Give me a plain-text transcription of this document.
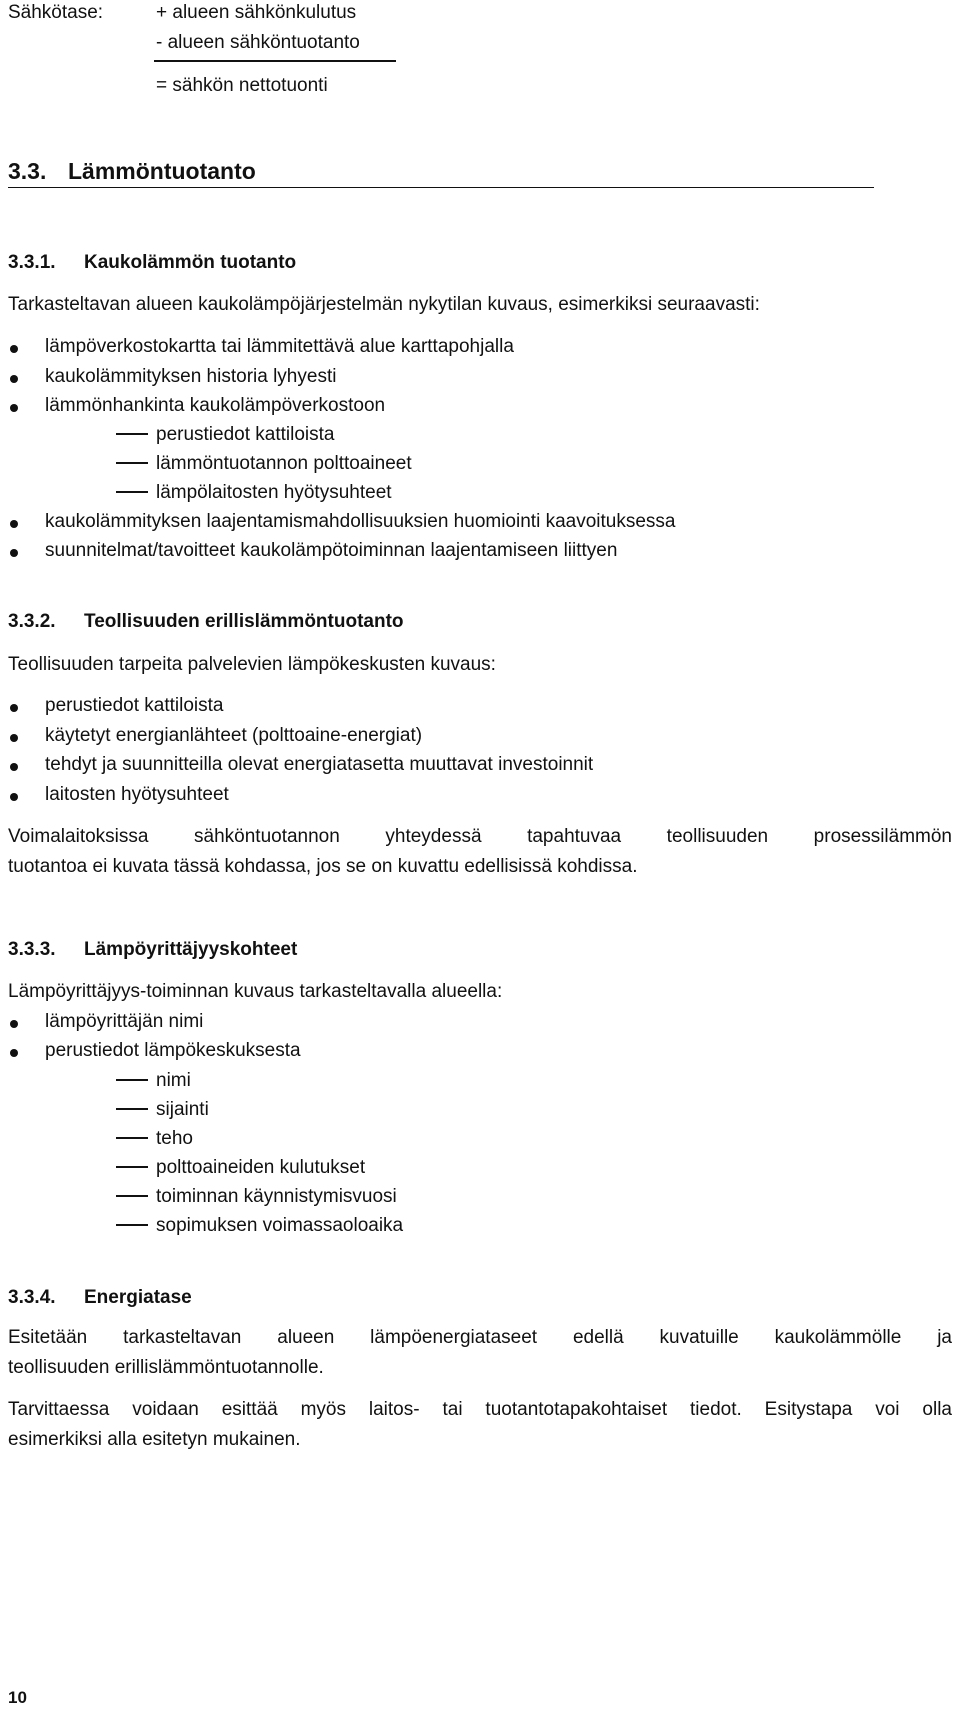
Sähkötase:	+ alueen sähkönkulutus
- alueen sähköntuotanto
= sähkön nettotuonti
3.3. Lämmöntuotanto
3.3.1. Kaukolämmön tuotanto
Tarkasteltavan alueen kaukolämpöjärjestelmän nykytilan kuvaus, esimerkiksi seuraavasti:
lämpöverkostokartta tai lämmitettävä alue karttapohjalla
kaukolämmityksen historia lyhyesti
lämmönhankinta kaukolämpöverkostoon
perustiedot kattiloista
lämmöntuotannon polttoaineet
lämpölaitosten hyötysuhteet
kaukolämmityksen laajentamismahdollisuuksien huomiointi kaavoituksessa
suunnitelmat/tavoitteet kaukolämpötoiminnan laajentamiseen liittyen
3.3.2. Teollisuuden erillislämmöntuotanto
Teollisuuden tarpeita palvelevien lämpökeskusten kuvaus:
perustiedot kattiloista
käytetyt energianlähteet (polttoaine-energiat)
tehdyt ja suunnitteilla olevat energiatasetta muuttavat investoinnit
laitosten hyötysuhteet
Voimalaitoksissa sähköntuotannon yhteydessä tapahtuvaa teollisuuden prosessilämmön
tuotantoa ei kuvata tässä kohdassa, jos se on kuvattu edellisissä kohdissa.
3.3.3. Lämpöyrittäjyyskohteet
Lämpöyrittäjyys-toiminnan kuvaus tarkasteltavalla alueella:
lämpöyrittäjän nimi
perustiedot lämpökeskuksesta
nimi
sijainti
teho
polttoaineiden kulutukset
toiminnan käynnistymisvuosi
sopimuksen voimassaoloaika
3.3.4. Energiatase
Esitetään tarkasteltavan alueen lämpöenergiataseet edellä kuvatuille kaukolämmölle ja
teollisuuden erillislämmöntuotannolle.
Tarvittaessa voidaan esittää myös laitos- tai tuotantotapakohtaiset tiedot. Esitystapa voi olla
esimerkiksi alla esitetyn mukainen.
10
